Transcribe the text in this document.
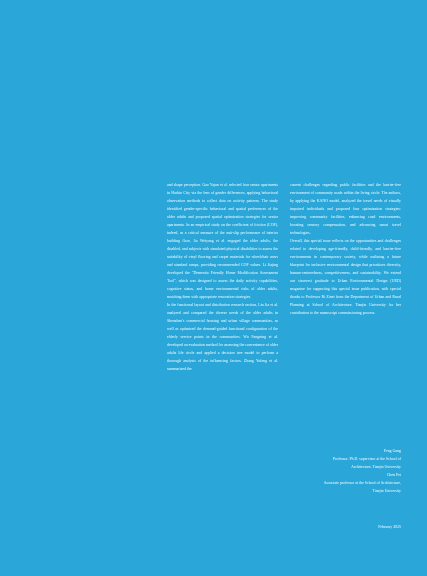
and shape perception. Gao Yajun et al. selected four senior apartments in Harbin City via the lens of gender differences, applying behavioral observation methods to collect data on activity patterns. The study identified gender-specific behavioral and spatial preferences of the older adults and proposed spatial optimization strategies for senior apartments. In an empirical study on the coefficient of friction (COF), indeed, as a critical measure of the anti-slip performance of interior building floor, Jia Weiyang et al. engaged the older adults, the disabled, and subjects with simulated physical disabilities to assess the suitability of vinyl flooring and carpet materials for wheelchair users and standard ramps, providing recommended COF values. Li Jiajing developed the "Dementia Friendly Home Modification Assessment Tool", which was designed to assess the daily activity capabilities, cognitive status, and home environmental risks of older adults, matching them with appropriate renovation strategies.

In the functional layout and distribution research section, Lin Jia et al. analyzed and compared the diverse needs of the older adults in Shenzhen's commercial housing and urban village communities, as well as optimized the demand-guided functional configuration of the elderly service points in the communities. Wu Fangning et al. developed an evaluation method for assessing the convenience of older adults life circle and applied a decision tree model to perform a thorough analysis of the influencing factors. Zhang Yufeng et al. summarized the

current challenges regarding public facilities and the barrier-free environment of community roads within the living circle. The authors, by applying the KANO model, analyzed the travel needs of visually impaired individuals and proposed four optimization strategies: improving community facilities, enhancing road environments, boosting sensory compensation, and advancing smart travel technologies.

Overall, this special issue reflects on the opportunities and challenges related to developing age-friendly, child-friendly, and barrier-free environments in contemporary society, while outlining a future blueprint for inclusive environmental design that prioritizes diversity, human-centeredness, competitiveness, and sustainability. We extend our sincerest gratitude to Urban Environmental Design (UED) magazine for supporting this special issue publication, with special thanks to Professor Ri Zinei from the Department of Urban and Rural Planning at School of Architecture, Tianjin University for her contribution to the manuscript commissioning process.

Feng Gang
Professor, Ph.D. supervisor at the School of
Architecture, Tianjin University
Chen Fei
Associate professor at the School of Architecture,
Tianjin University
February 2025
